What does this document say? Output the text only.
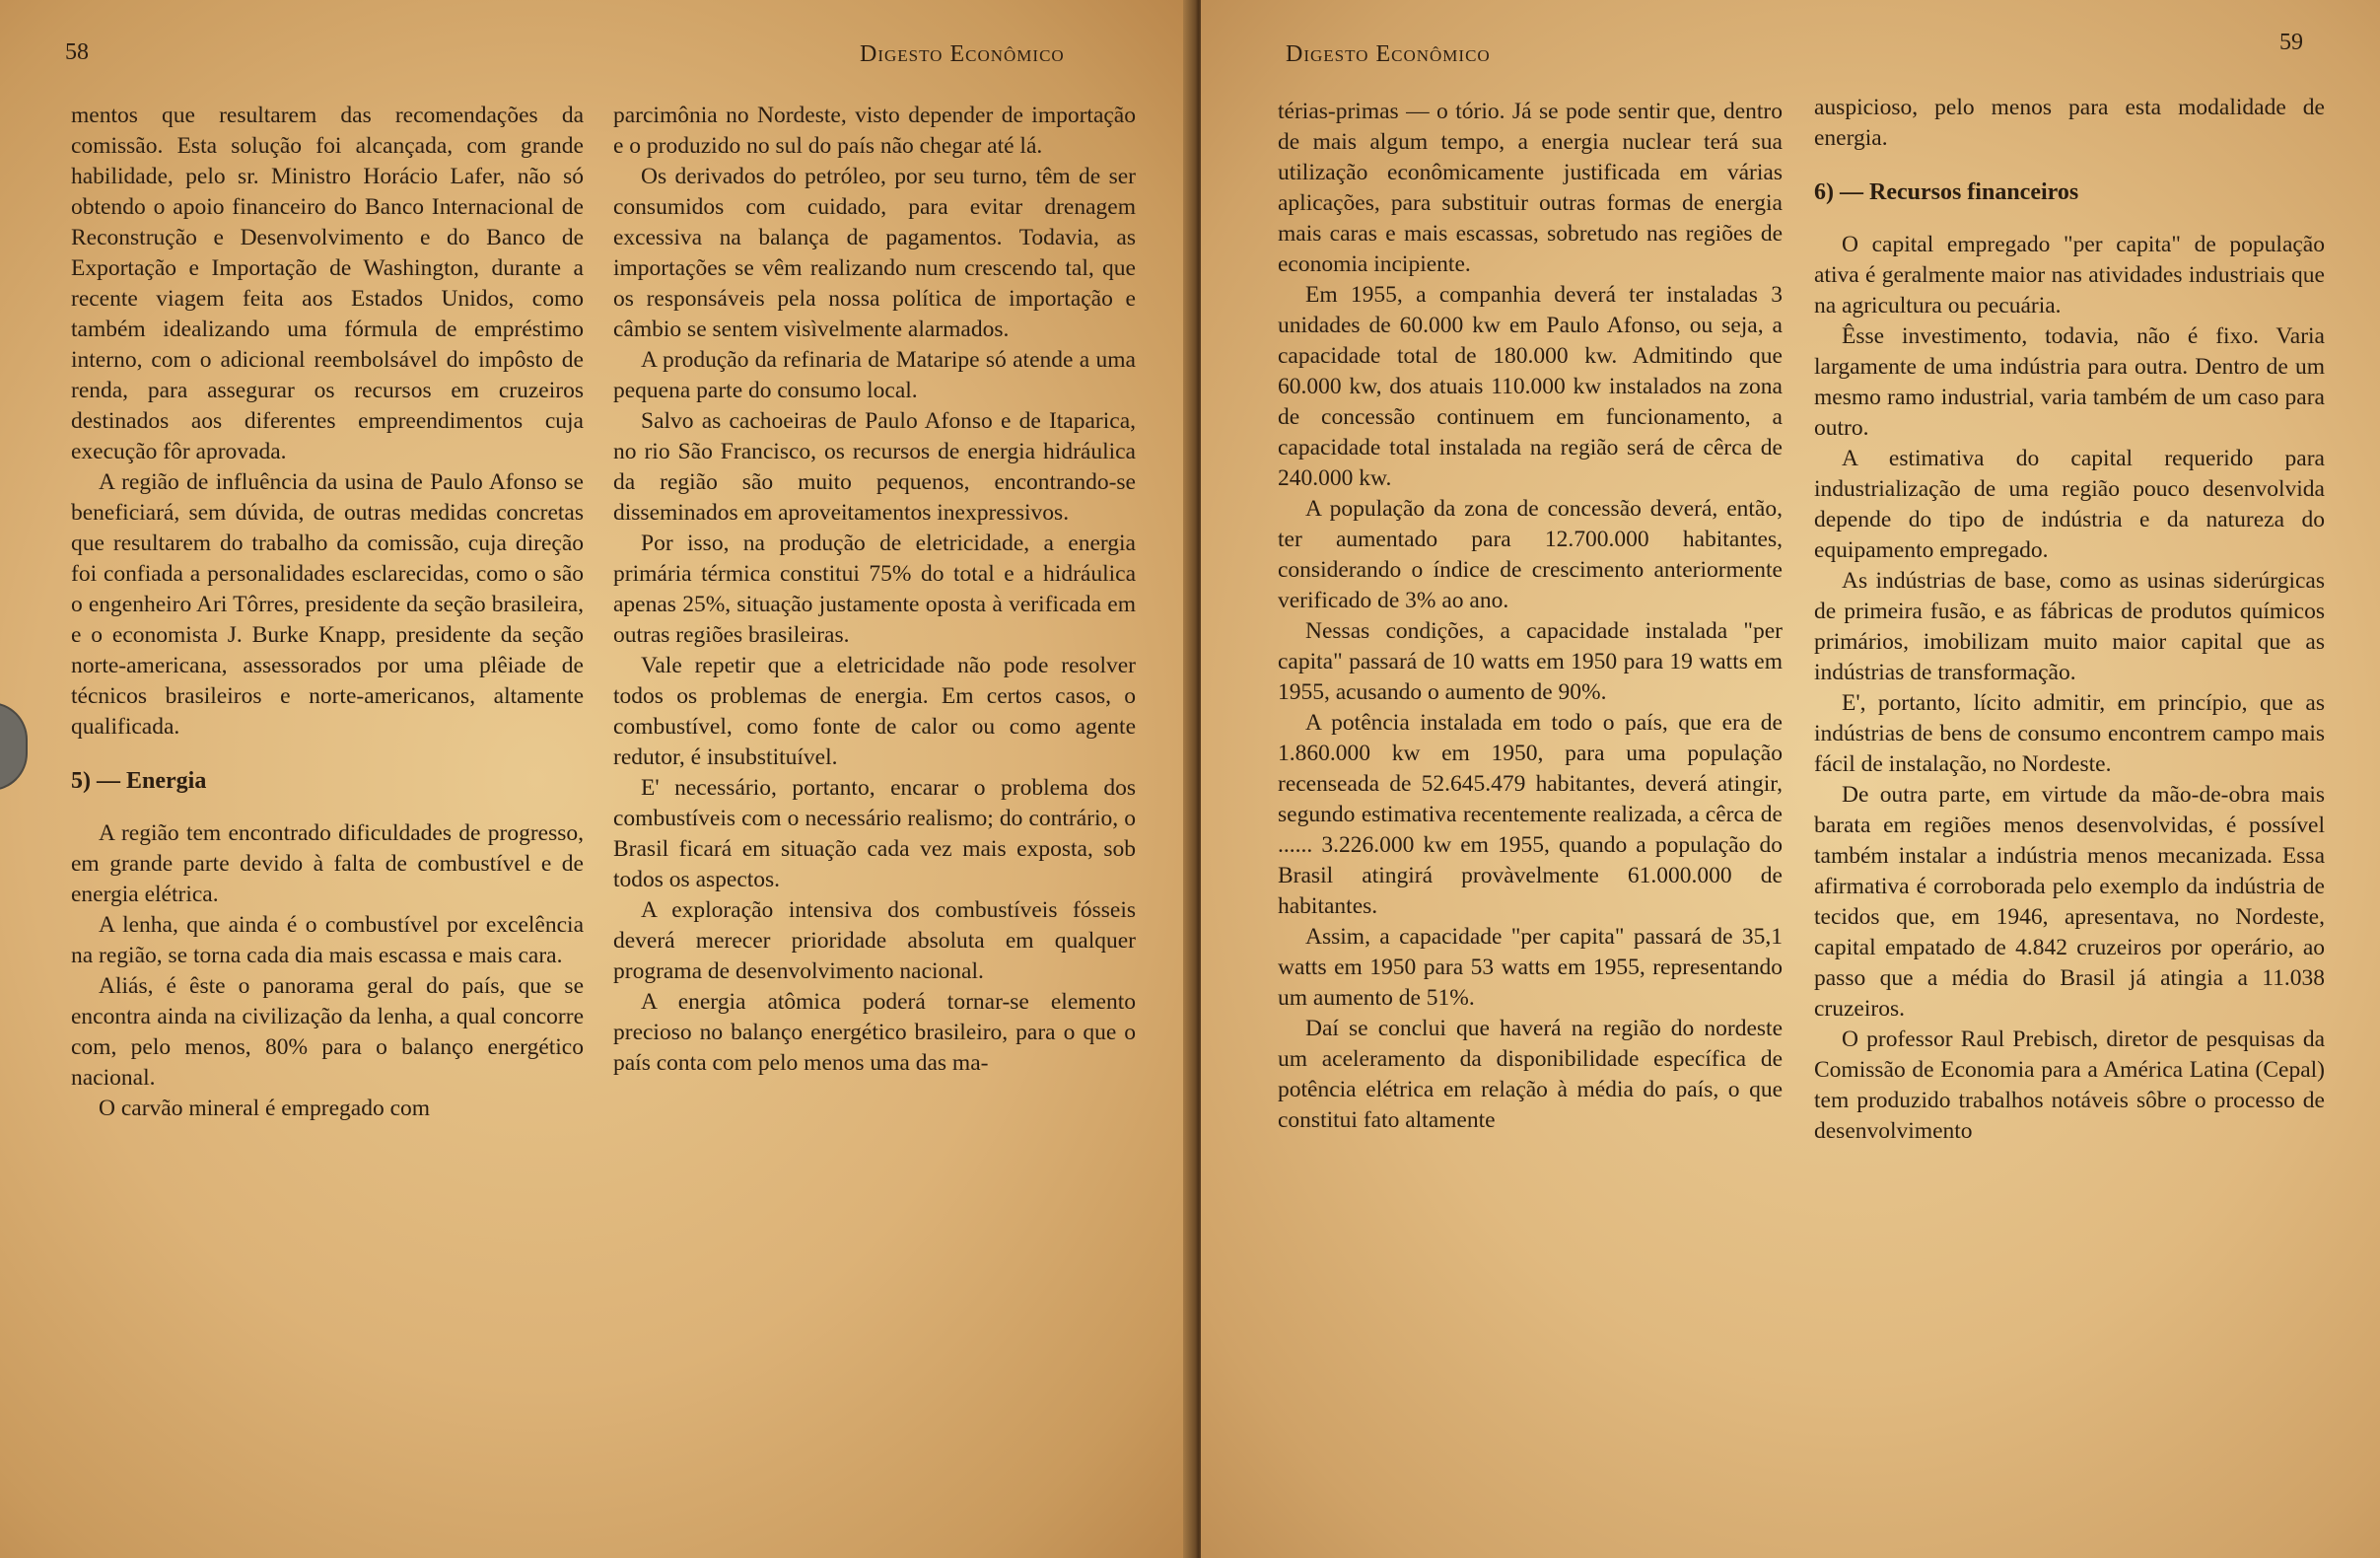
58	Digesto Econômico

mentos que resultarem das recomendações da comissão. Esta solução foi alcançada, com grande habilidade, pelo sr. Ministro Horácio Lafer, não só obtendo o apoio financeiro do Banco Internacional de Reconstrução e Desenvolvimento e do Banco de Exportação e Importação de Washington, durante a recente viagem feita aos Estados Unidos, como também idealizando uma fórmula de empréstimo interno, com o adicional reembolsável do impôsto de renda, para assegurar os recursos em cruzeiros destinados aos diferentes empreendimentos cuja execução fôr aprovada.

A região de influência da usina de Paulo Afonso se beneficiará, sem dúvida, de outras medidas concretas que resultarem do trabalho da comissão, cuja direção foi confiada a personalidades esclarecidas, como o são o engenheiro Ari Tôrres, presidente da seção brasileira, e o economista J. Burke Knapp, presidente da seção norte-americana, assessorados por uma plêiade de técnicos brasileiros e norte-americanos, altamente qualificada.

5) — Energia

A região tem encontrado dificuldades de progresso, em grande parte devido à falta de combustível e de energia elétrica.

A lenha, que ainda é o combustível por excelência na região, se torna cada dia mais escassa e mais cara.

Aliás, é êste o panorama geral do país, que se encontra ainda na civilização da lenha, a qual concorre com, pelo menos, 80% para o balanço energético nacional.

O carvão mineral é empregado com

parcimônia no Nordeste, visto depender de importação e o produzido no sul do país não chegar até lá.

Os derivados do petróleo, por seu turno, têm de ser consumidos com cuidado, para evitar drenagem excessiva na balança de pagamentos. Todavia, as importações se vêm realizando num crescendo tal, que os responsáveis pela nossa política de importação e câmbio se sentem visìvelmente alarmados.

A produção da refinaria de Mataripe só atende a uma pequena parte do consumo local.

Salvo as cachoeiras de Paulo Afonso e de Itaparica, no rio São Francisco, os recursos de energia hidráulica da região são muito pequenos, encontrando-se disseminados em aproveitamentos inexpressivos.

Por isso, na produção de eletricidade, a energia primária térmica constitui 75% do total e a hidráulica apenas 25%, situação justamente oposta à verificada em outras regiões brasileiras.

Vale repetir que a eletricidade não pode resolver todos os problemas de energia. Em certos casos, o combustível, como fonte de calor ou como agente redutor, é insubstituível.

E' necessário, portanto, encarar o problema dos combustíveis com o necessário realismo; do contrário, o Brasil ficará em situação cada vez mais exposta, sob todos os aspectos.

A exploração intensiva dos combustíveis fósseis deverá merecer prioridade absoluta em qualquer programa de desenvolvimento nacional.

A energia atômica poderá tornar-se elemento precioso no balanço energético brasileiro, para o que o país conta com pelo menos uma das ma-

Digesto Econômico	59

térias-primas — o tório. Já se pode sentir que, dentro de mais algum tempo, a energia nuclear terá sua utilização econômicamente justificada em várias aplicações, para substituir outras formas de energia mais caras e mais escassas, sobretudo nas regiões de economia incipiente.

Em 1955, a companhia deverá ter instaladas 3 unidades de 60.000 kw em Paulo Afonso, ou seja, a capacidade total de 180.000 kw. Admitindo que 60.000 kw, dos atuais 110.000 kw instalados na zona de concessão continuem em funcionamento, a capacidade total instalada na região será de cêrca de 240.000 kw.

A população da zona de concessão deverá, então, ter aumentado para 12.700.000 habitantes, considerando o índice de crescimento anteriormente verificado de 3% ao ano.

Nessas condições, a capacidade instalada "per capita" passará de 10 watts em 1950 para 19 watts em 1955, acusando o aumento de 90%.

A potência instalada em todo o país, que era de 1.860.000 kw em 1950, para uma população recenseada de 52.645.479 habitantes, deverá atingir, segundo estimativa recentemente realizada, a cêrca de ...... 3.226.000 kw em 1955, quando a população do Brasil atingirá provàvelmente 61.000.000 de habitantes.

Assim, a capacidade "per capita" passará de 35,1 watts em 1950 para 53 watts em 1955, representando um aumento de 51%.

Daí se conclui que haverá na região do nordeste um aceleramento da disponibilidade específica de potência elétrica em relação à média do país, o que constitui fato altamente

auspicioso, pelo menos para esta modalidade de energia.

6) — Recursos financeiros

O capital empregado "per capita" de população ativa é geralmente maior nas atividades industriais que na agricultura ou pecuária.

Êsse investimento, todavia, não é fixo. Varia largamente de uma indústria para outra. Dentro de um mesmo ramo industrial, varia também de um caso para outro.

A estimativa do capital requerido para industrialização de uma região pouco desenvolvida depende do tipo de indústria e da natureza do equipamento empregado.

As indústrias de base, como as usinas siderúrgicas de primeira fusão, e as fábricas de produtos químicos primários, imobilizam muito maior capital que as indústrias de transformação.

E', portanto, lícito admitir, em princípio, que as indústrias de bens de consumo encontrem campo mais fácil de instalação, no Nordeste.

De outra parte, em virtude da mão-de-obra mais barata em regiões menos desenvolvidas, é possível também instalar a indústria menos mecanizada. Essa afirmativa é corroborada pelo exemplo da indústria de tecidos que, em 1946, apresentava, no Nordeste, capital empatado de 4.842 cruzeiros por operário, ao passo que a média do Brasil já atingia a 11.038 cruzeiros.

O professor Raul Prebisch, diretor de pesquisas da Comissão de Economia para a América Latina (Cepal) tem produzido trabalhos notáveis sôbre o processo de desenvolvimento
